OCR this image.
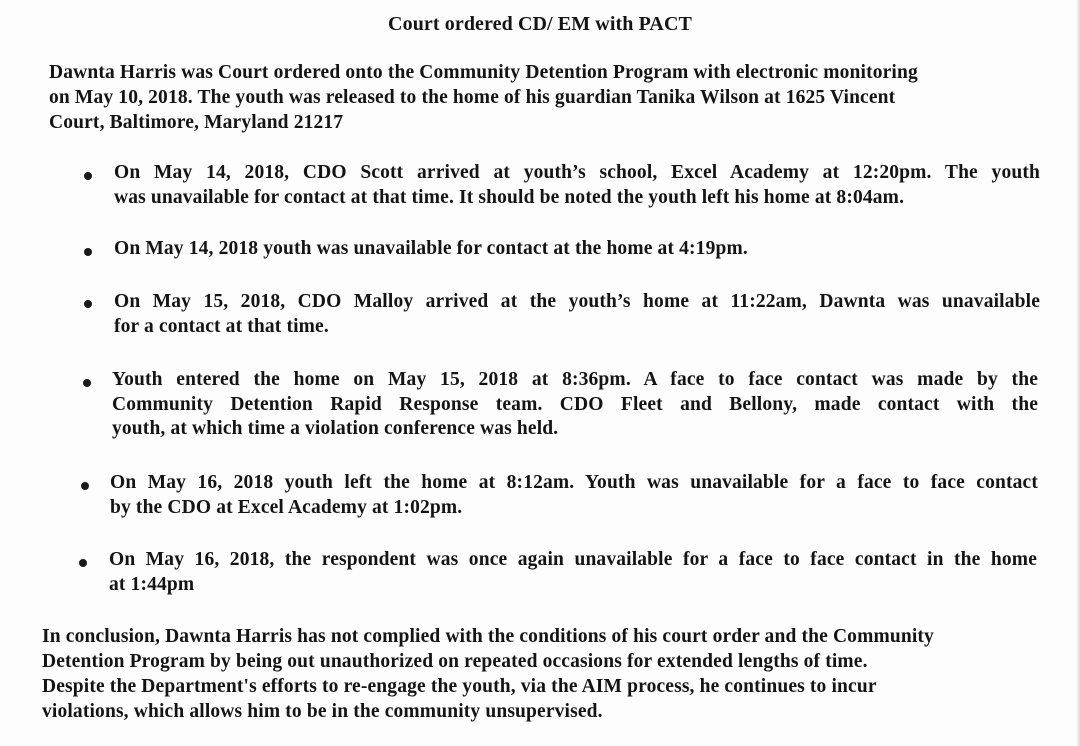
Court ordered CD/ EM with PACT
Dawnta Harris was Court ordered onto the Community Detention Program with electronic monitoring
on May 10, 2018. The youth was released to the home of his guardian Tanika Wilson at 1625 Vincent
Court, Baltimore, Maryland 21217
On May 14, 2018, CDO Scott arrived at youth’s school, Excel Academy at 12:20pm. The youth
was unavailable for contact at that time. It should be noted the youth left his home at 8:04am.
On May 14, 2018 youth was unavailable for contact at the home at 4:19pm.
On May 15, 2018, CDO Malloy arrived at the youth’s home at 11:22am, Dawnta was unavailable
for a contact at that time.
Youth entered the home on May 15, 2018 at 8:36pm. A face to face contact was made by the
Community Detention Rapid Response team. CDO Fleet and Bellony, made contact with the
youth, at which time a violation conference was held.
On May 16, 2018 youth left the home at 8:12am. Youth was unavailable for a face to face contact
by the CDO at Excel Academy at 1:02pm.
On May 16, 2018, the respondent was once again unavailable for a face to face contact in the home
at 1:44pm
In conclusion, Dawnta Harris has not complied with the conditions of his court order and the Community
Detention Program by being out unauthorized on repeated occasions for extended lengths of time.
Despite the Department's efforts to re-engage the youth, via the AIM process, he continues to incur
violations, which allows him to be in the community unsupervised.
